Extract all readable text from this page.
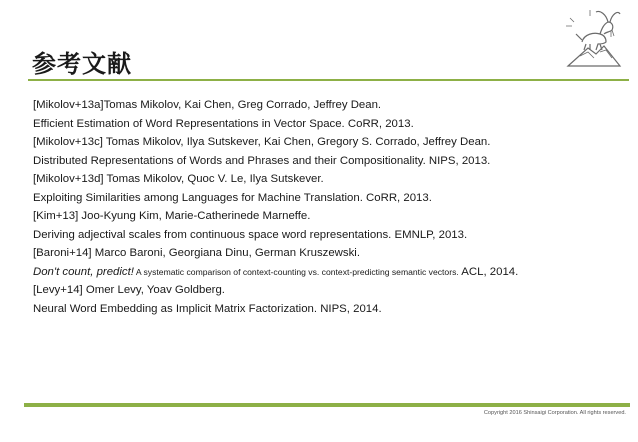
参考文献
[Mikolov+13a]Tomas Mikolov, Kai Chen, Greg Corrado, Jeffrey Dean.
Efficient Estimation of Word Representations in Vector Space. CoRR, 2013.
[Mikolov+13c] Tomas Mikolov, Ilya Sutskever, Kai Chen, Gregory S. Corrado, Jeffrey Dean.
Distributed Representations of Words and Phrases and their Compositionality. NIPS, 2013.
[Mikolov+13d] Tomas Mikolov, Quoc V. Le, Ilya Sutskever.
Exploiting Similarities among Languages for Machine Translation. CoRR, 2013.
[Kim+13] Joo-Kyung Kim, Marie-Catherinede Marneffe.
Deriving adjectival scales from continuous space word representations. EMNLP, 2013.
[Baroni+14] Marco Baroni, Georgiana Dinu, German Kruszewski.
Don't count, predict! A systematic comparison of context-counting vs. context-predicting semantic vectors. ACL, 2014.
[Levy+14] Omer Levy, Yoav Goldberg.
Neural Word Embedding as Implicit Matrix Factorization. NIPS, 2014.
Copyright 2016 Shinsaigi Corporation. All rights reserved.
